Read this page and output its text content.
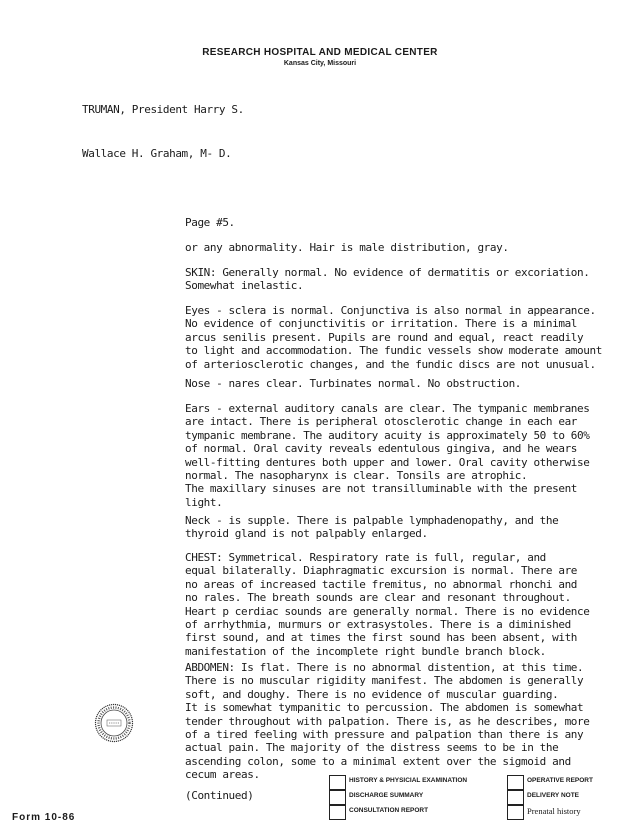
RESEARCH HOSPITAL AND MEDICAL CENTER
Kansas City, Missouri
TRUMAN, President Harry S.
Wallace H. Graham, M- D.
Page #5.
or any abnormality. Hair is male distribution, gray.
SKIN: Generally normal. No evidence of dermatitis or excoriation.
Somewhat inelastic.
Eyes - sclera is normal. Conjunctiva is also normal in appearance.
No evidence of conjunctivitis or irritation. There is a minimal
arcus senilis present. Pupils are round and equal, react readily
to light and accommodation. The fundic vessels show moderate amount
of arteriosclerotic changes, and the fundic discs are not unusual.
Nose - nares clear. Turbinates normal. No obstruction.
Ears - external auditory canals are clear. The tympanic membranes
are intact. There is peripheral otosclerotic change in each ear
tympanic membrane. The auditory acuity is approximately 50 to 60%
of normal. Oral cavity reveals edentulous gingiva, and he wears
well-fitting dentures both upper and lower. Oral cavity otherwise
normal. The nasopharynx is clear. Tonsils are atrophic.
The maxillary sinuses are not transilluminable with the present
light.
Neck - is supple. There is palpable lymphadenopathy, and the
thyroid gland is not palpably enlarged.
CHEST: Symmetrical. Respiratory rate is full, regular, and
equal bilaterally. Diaphragmatic excursion is normal. There are
no areas of increased tactile fremitus, no abnormal rhonchi and
no rales. The breath sounds are clear and resonant throughout.
Heart p cerdiac sounds are generally normal. There is no evidence
of arrhythmia, murmurs or extrasystoles. There is a diminished
first sound, and at times the first sound has been absent, with
manifestation of the incomplete right bundle branch block.
ABDOMEN: Is flat. There is no abnormal distention, at this time.
There is no muscular rigidity manifest. The abdomen is generally
soft, and doughy. There is no evidence of muscular guarding.
It is somewhat tympanitic to percussion. The abdomen is somewhat
tender throughout with palpation. There is, as he describes, more
of a tired feeling with pressure and palpation than there is any
actual pain. The majority of the distress seems to be in the
ascending colon, some to a minimal extent over the sigmoid and
cecum areas.
(Continued)
Form 10-86
HISTORY & PHYSICIAL EXAMINATION
DISCHARGE SUMMARY
CONSULTATION REPORT
OPERATIVE REPORT
DELIVERY NOTE
Prenatal history
